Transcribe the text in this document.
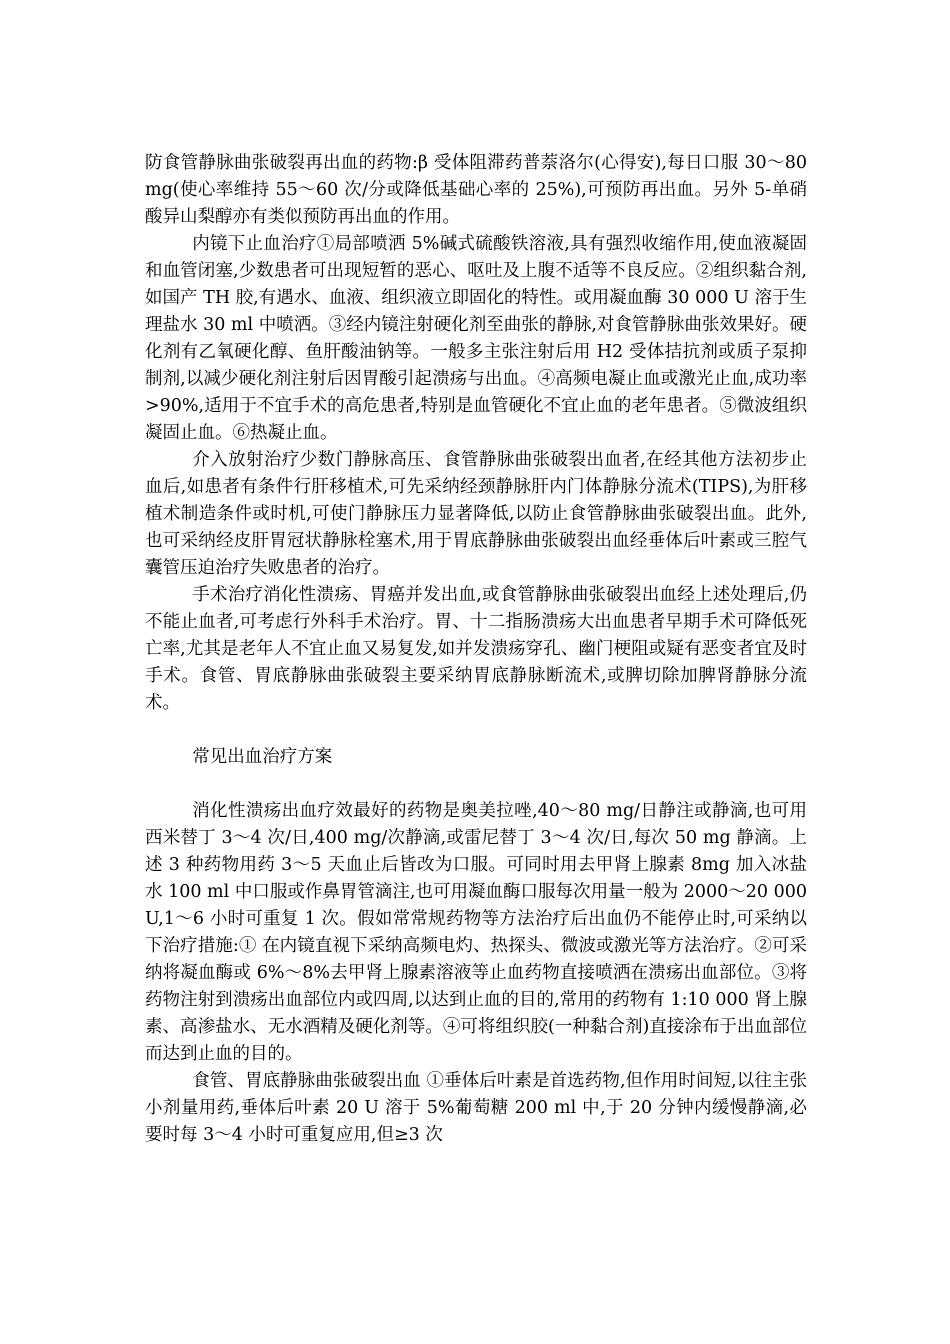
防食管静脉曲张破裂再出血的药物:β 受体阻滞药普萘洛尔(心得安),每日口服 30～80 mg(使心率维持 55～60 次/分或降低基础心率的 25%),可预防再出血。另外 5-单硝酸异山梨醇亦有类似预防再出血的作用。

内镜下止血治疗①局部喷洒 5%碱式硫酸铁溶液,具有强烈收缩作用,使血液凝固和血管闭塞,少数患者可出现短暂的恶心、呕吐及上腹不适等不良反应。②组织黏合剂,如国产 TH 胶,有遇水、血液、组织液立即固化的特性。或用凝血酶 30 000 U 溶于生理盐水 30 ml 中喷洒。③经内镜注射硬化剂至曲张的静脉,对食管静脉曲张效果好。硬化剂有乙氧硬化醇、鱼肝酸油钠等。一般多主张注射后用 H2 受体拮抗剂或质子泵抑制剂,以减少硬化剂注射后因胃酸引起溃疡与出血。④高频电凝止血或激光止血,成功率>90%,适用于不宜手术的高危患者,特别是血管硬化不宜止血的老年患者。⑤微波组织凝固止血。⑥热凝止血。

介入放射治疗少数门静脉高压、食管静脉曲张破裂出血者,在经其他方法初步止血后,如患者有条件行肝移植术,可先采纳经颈静脉肝内门体静脉分流术(TIPS),为肝移植术制造条件或时机,可使门静脉压力显著降低,以防止食管静脉曲张破裂出血。此外,也可采纳经皮肝胃冠状静脉栓塞术,用于胃底静脉曲张破裂出血经垂体后叶素或三腔气囊管压迫治疗失败患者的治疗。

手术治疗消化性溃疡、胃癌并发出血,或食管静脉曲张破裂出血经上述处理后,仍不能止血者,可考虑行外科手术治疗。胃、十二指肠溃疡大出血患者早期手术可降低死亡率,尤其是老年人不宜止血又易复发,如并发溃疡穿孔、幽门梗阻或疑有恶变者宜及时手术。食管、胃底静脉曲张破裂主要采纳胃底静脉断流术,或脾切除加脾肾静脉分流术。

常见出血治疗方案

消化性溃疡出血疗效最好的药物是奥美拉唑,40～80 mg/日静注或静滴,也可用西米替丁 3～4 次/日,400 mg/次静滴,或雷尼替丁 3～4 次/日,每次 50 mg 静滴。上述 3 种药物用药 3～5 天血止后皆改为口服。可同时用去甲肾上腺素 8mg 加入冰盐水 100 ml 中口服或作鼻胃管滴注,也可用凝血酶口服每次用量一般为 2000～20 000 U,1～6 小时可重复 1 次。假如常常规药物等方法治疗后出血仍不能停止时,可采纳以下治疗措施:① 在内镜直视下采纳高频电灼、热探头、微波或激光等方法治疗。②可采纳将凝血酶或 6%～8%去甲肾上腺素溶液等止血药物直接喷洒在溃疡出血部位。③将药物注射到溃疡出血部位内或四周,以达到止血的目的,常用的药物有 1:10 000 肾上腺素、高渗盐水、无水酒精及硬化剂等。④可将组织胶(一种黏合剂)直接涂布于出血部位而达到止血的目的。

食管、胃底静脉曲张破裂出血 ①垂体后叶素是首选药物,但作用时间短,以往主张小剂量用药,垂体后叶素 20 U 溶于 5%葡萄糖 200 ml 中,于 20 分钟内缓慢静滴,必要时每 3～4 小时可重复应用,但≥3 次
